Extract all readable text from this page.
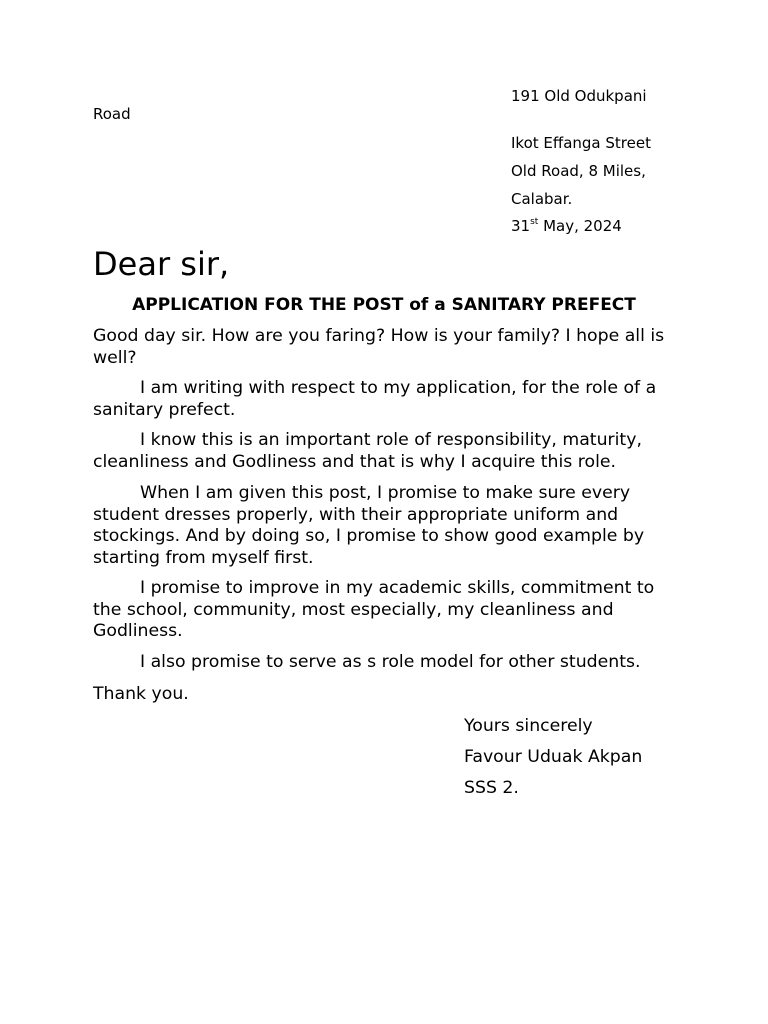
191 Old Odukpani
Road
Ikot Effanga Street
Old Road, 8 Miles,
Calabar.
31st May, 2024
Dear sir,
APPLICATION FOR THE POST of a SANITARY PREFECT

Good day sir. How are you faring? How is your family? I hope all is well?

I am writing with respect to my application, for the role of a sanitary prefect.

I know this is an important role of responsibility, maturity, cleanliness and Godliness and that is why I acquire this role.

When I am given this post, I promise to make sure every student dresses properly, with their appropriate uniform and stockings. And by doing so, I promise to show good example by starting from myself first.

I promise to improve in my academic skills, commitment to the school, community, most especially, my cleanliness and Godliness.

I also promise to serve as s role model for other students.

Thank you.

Yours sincerely
Favour Uduak Akpan
SSS 2.
